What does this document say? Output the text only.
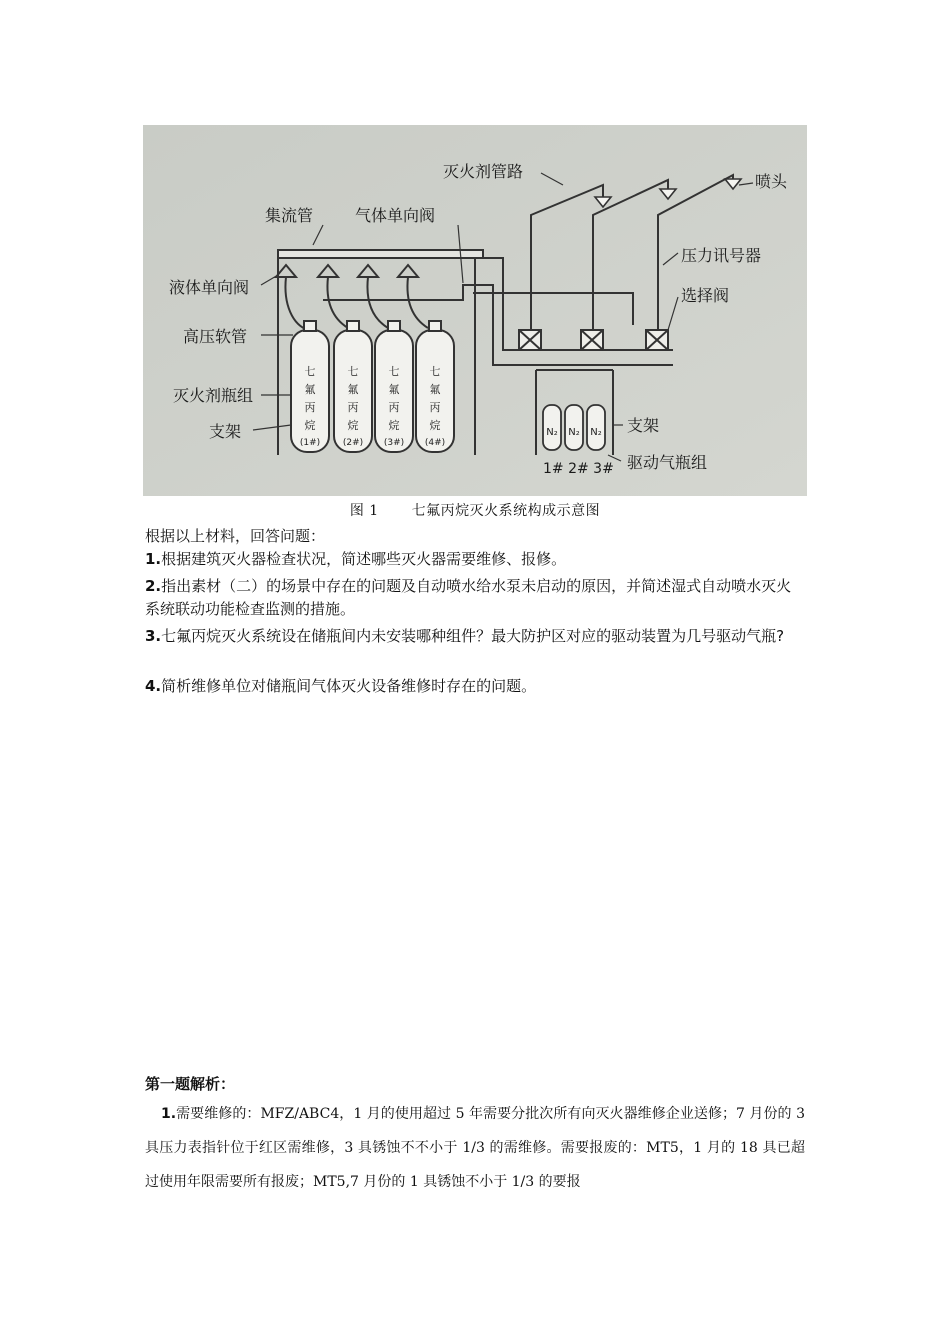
七
氟
丙
烷
(1#)
七
氟
丙
烷
(2#)
七
氟
丙
烷
(3#)
七
氟
丙
烷
(4#)
N₂ N₂ N₂
灭火剂管路
喷头
集流管	气体单向阀
液体单向阀
压力讯号器
选择阀
高压软管
灭火剂瓶组
支架	支架
驱动气瓶组
1# 2# 3#
图 1 七氟丙烷灭火系统构成示意图
根据以上材料，回答问题：
1.根据建筑灭火器检查状况，简述哪些灭火器需要维修、报修。
2.指出素材（二）的场景中存在的问题及自动喷水给水泵未启动的原因，并简述湿式自动喷水灭火系统联动功能检查监测的措施。
3.七氟丙烷灭火系统设在储瓶间内未安装哪种组件？最大防护区对应的驱动装置为几号驱动气瓶?
4.简析维修单位对储瓶间气体灭火设备维修时存在的问题。
第一题解析：
1.需要维修的：MFZ/ABC4，1 月的使用超过 5 年需要分批次所有向灭火器维修企业送修；7 月份的 3 具压力表指针位于红区需维修，3 具锈蚀不不小于 1/3 的需维修。需要报废的：MT5，1 月的 18 具已超过使用年限需要所有报废；MT5,7 月份的 1 具锈蚀不小于 1/3 的要报
